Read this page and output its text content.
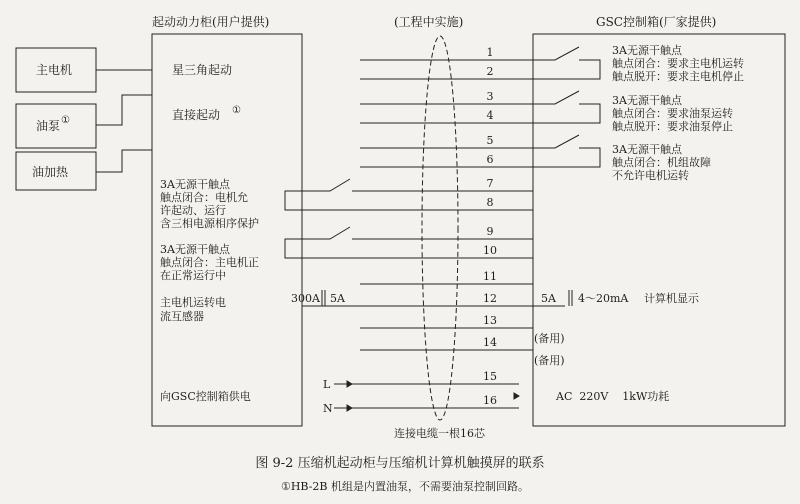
1
2
3
4
5
6
7
8
9
10
11
12
13
14
15
16
起动动力柜(用户提供)
星三角起动
直接起动 ①
3A无源干触点
触点闭合：电机允
许起动、运行
含三相电源相序保护
3A无源干触点
触点闭合：主电机正
在正常运行中
主电机运转电
流互感器
300A 5A
向GSC控制箱供电
L
N
GSC控制箱(厂家提供)
3A无源干触点
触点闭合：要求主电机运转
触点脱开：要求主电机停止
3A无源干触点
触点闭合：要求油泵运转
触点脱开：要求油泵停止
3A无源干触点
触点闭合：机组故障
不允许电机运转
5A 4～20mA 计算机显示
AC  220V    1kW功耗
主电机
油泵 ①
油加热
(工程中实施)
(备用)
(备用)
连接电缆一根16芯
图 9-2 压缩机起动柜与压缩机计算机触摸屏的联系
①HB-2B 机组是内置油泵，不需要油泵控制回路。
